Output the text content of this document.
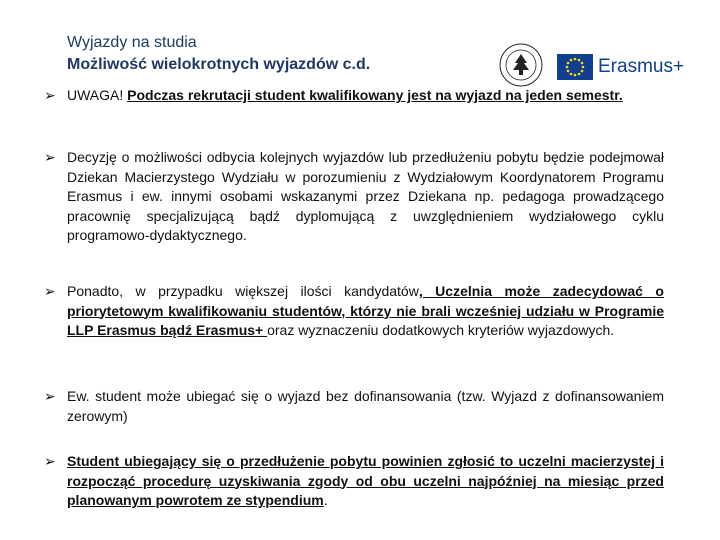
Wyjazdy na studia
Możliwość wielokrotnych wyjazdów c.d.	Erasmus+
➢ UWAGA! Podczas rekrutacji student kwalifikowany jest na wyjazd na jeden semestr.
➢ Decyzję o możliwości odbycia kolejnych wyjazdów lub przedłużeniu pobytu będzie podejmował Dziekan Macierzystego Wydziału w porozumieniu z Wydziałowym Koordynatorem Programu Erasmus i ew. innymi osobami wskazanymi przez Dziekana np. pedagoga prowadzącego pracownię specjalizującą bądź dyplomującą z uwzględnieniem wydziałowego cyklu programowo-dydaktycznego.
➢ Ponadto, w przypadku większej ilości kandydatów, Uczelnia może zadecydować o priorytetowym kwalifikowaniu studentów, którzy nie brali wcześniej udziału w Programie LLP Erasmus bądź Erasmus+ oraz wyznaczeniu dodatkowych kryteriów wyjazdowych.
➢ Ew. student może ubiegać się o wyjazd bez dofinansowania (tzw. Wyjazd z dofinansowaniem zerowym)
➢ Student ubiegający się o przedłużenie pobytu powinien zgłosić to uczelni macierzystej i rozpocząć procedurę uzyskiwania zgody od obu uczelni najpóźniej na miesiąc przed planowanym powrotem ze stypendium.
